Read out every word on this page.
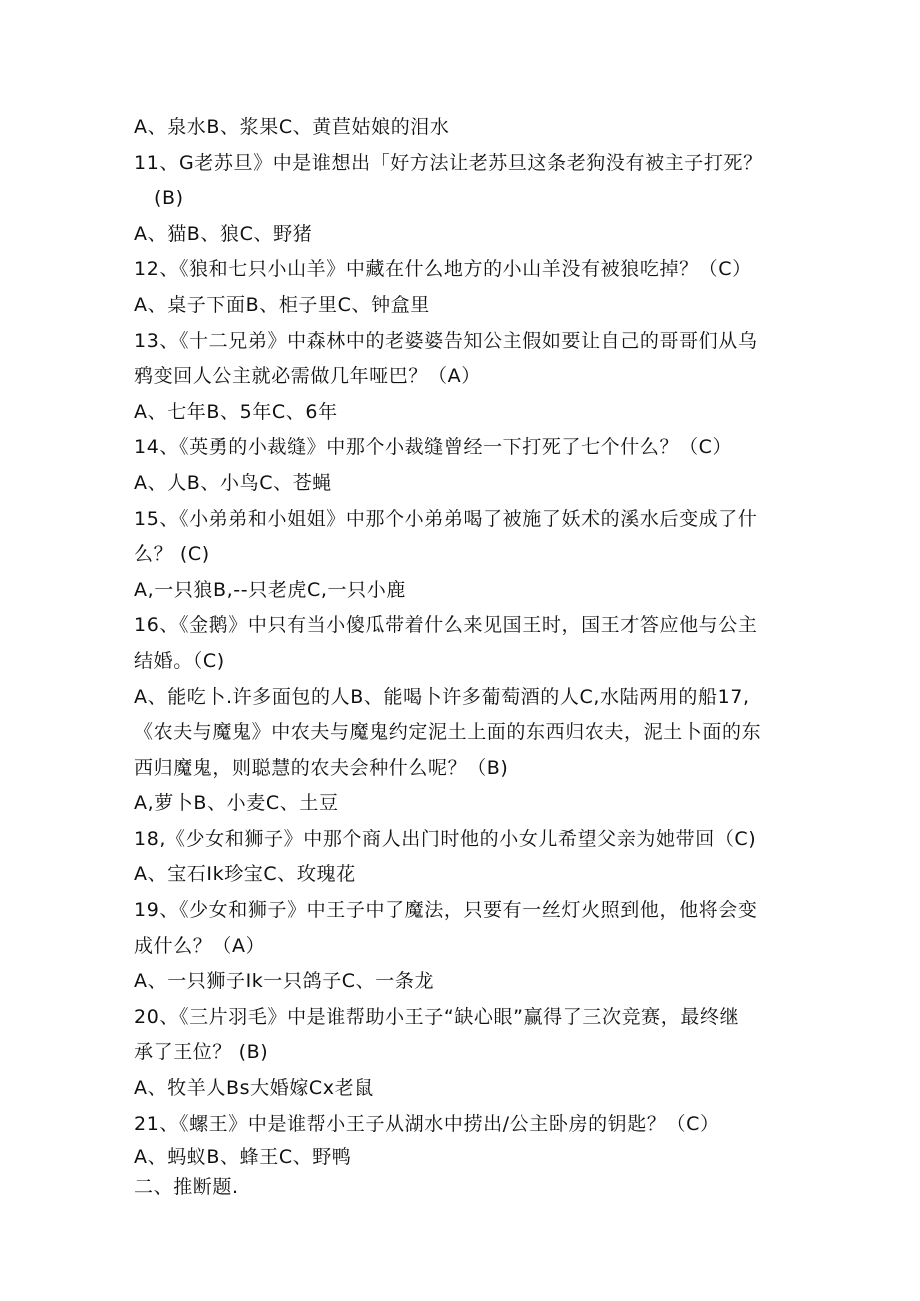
A、泉水B、浆果C、黄苣姑娘的泪水
11、G老苏旦》中是谁想出「好方法让老苏旦这条老狗没有被主子打死？
(B)
A、猫B、狼C、野猪
12、《狼和七只小山羊》中藏在什么地方的小山羊没有被狼吃掉？（C）
A、桌子下面B、柜子里C、钟盒里
13、《十二兄弟》中森林中的老婆婆告知公主假如要让自己的哥哥们从乌
鸦变回人公主就必需做几年哑巴？（A）
A、七年B、5年C、6年
14、《英勇的小裁缝》中那个小裁缝曾经一下打死了七个什么？（C）
A、人B、小鸟C、苍蝇
15、《小弟弟和小姐姐》中那个小弟弟喝了被施了妖术的溪水后变成了什
么？ (C)
A,一只狼B,--只老虎C,一只小鹿
16、《金鹅》中只有当小傻瓜带着什么来见国王时，国王才答应他与公主
结婚。（C)
A、能吃卜.许多面包的人B、能喝卜许多葡萄酒的人C,水陆两用的船17,
《农夫与魔鬼》中农夫与魔鬼约定泥土上面的东西归农夫，泥土卜面的东
西归魔鬼，则聪慧的农夫会种什么呢？（B)
A,萝卜B、小麦C、土豆
18,《少女和狮子》中那个商人出门时他的小女儿希望父亲为她带回（C)
A、宝石Ik珍宝C、玫瑰花
19、《少女和狮子》中王子中了魔法，只要有一丝灯火照到他，他将会变
成什么？（A）
A、一只狮子Ik一只鸽子C、一条龙
20、《三片羽毛》中是谁帮助小王子“缺心眼”赢得了三次竞赛，最终继
承了王位？ (B)
A、牧羊人Bs大婚嫁Cx老鼠
21、《螺王》中是谁帮小王子从湖水中捞出/公主卧房的钥匙？（C）
A、蚂蚁B、蜂王C、野鸭
二、推断题.
